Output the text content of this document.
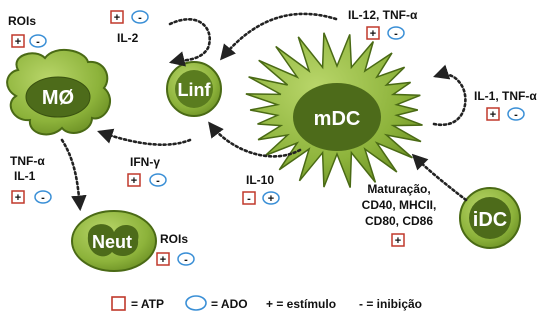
MØ	Linf
mDC
Neut
iDC
ROIs
+ -
+ -
IL-2
IL-12, TNF-α
+ -
IL-1, TNF-α
+ -
IFN-γ
+ -	IL-10
- +
TNF-α
IL-1
+ -
ROIs
+ -
Maturação,
CD40, MHCII,
CD80, CD86
+
= ATP	= ADO + = estímulo - = inibição
